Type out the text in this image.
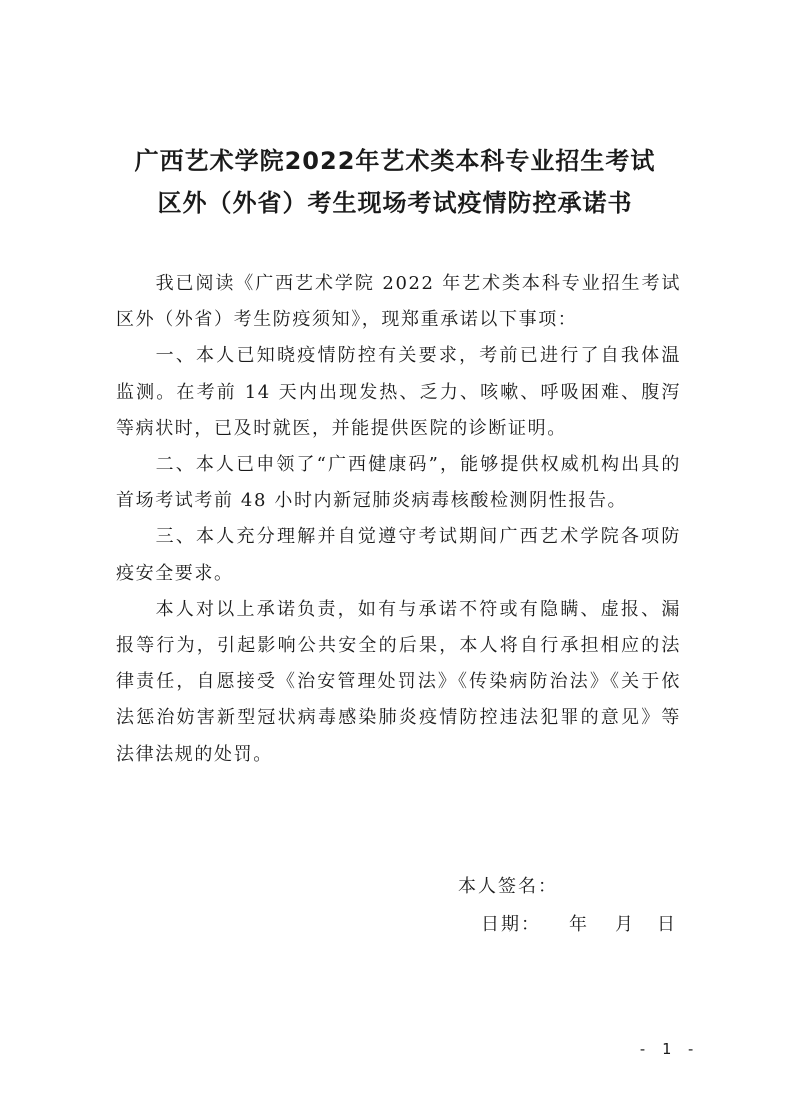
广西艺术学院2022年艺术类本科专业招生考试
区外（外省）考生现场考试疫情防控承诺书

我已阅读《广西艺术学院 2022 年艺术类本科专业招生考试区外（外省）考生防疫须知》，现郑重承诺以下事项：

一、本人已知晓疫情防控有关要求，考前已进行了自我体温监测。在考前 14 天内出现发热、乏力、咳嗽、呼吸困难、腹泻等病状时，已及时就医，并能提供医院的诊断证明。

二、本人已申领了“广西健康码”，能够提供权威机构出具的首场考试考前 48 小时内新冠肺炎病毒核酸检测阴性报告。

三、本人充分理解并自觉遵守考试期间广西艺术学院各项防疫安全要求。

本人对以上承诺负责，如有与承诺不符或有隐瞒、虚报、漏报等行为，引起影响公共安全的后果，本人将自行承担相应的法律责任，自愿接受《治安管理处罚法》《传染病防治法》《关于依法惩治妨害新型冠状病毒感染肺炎疫情防控违法犯罪的意见》等法律法规的处罚。

本人签名：
日期： 年 月 日
- 1 -
